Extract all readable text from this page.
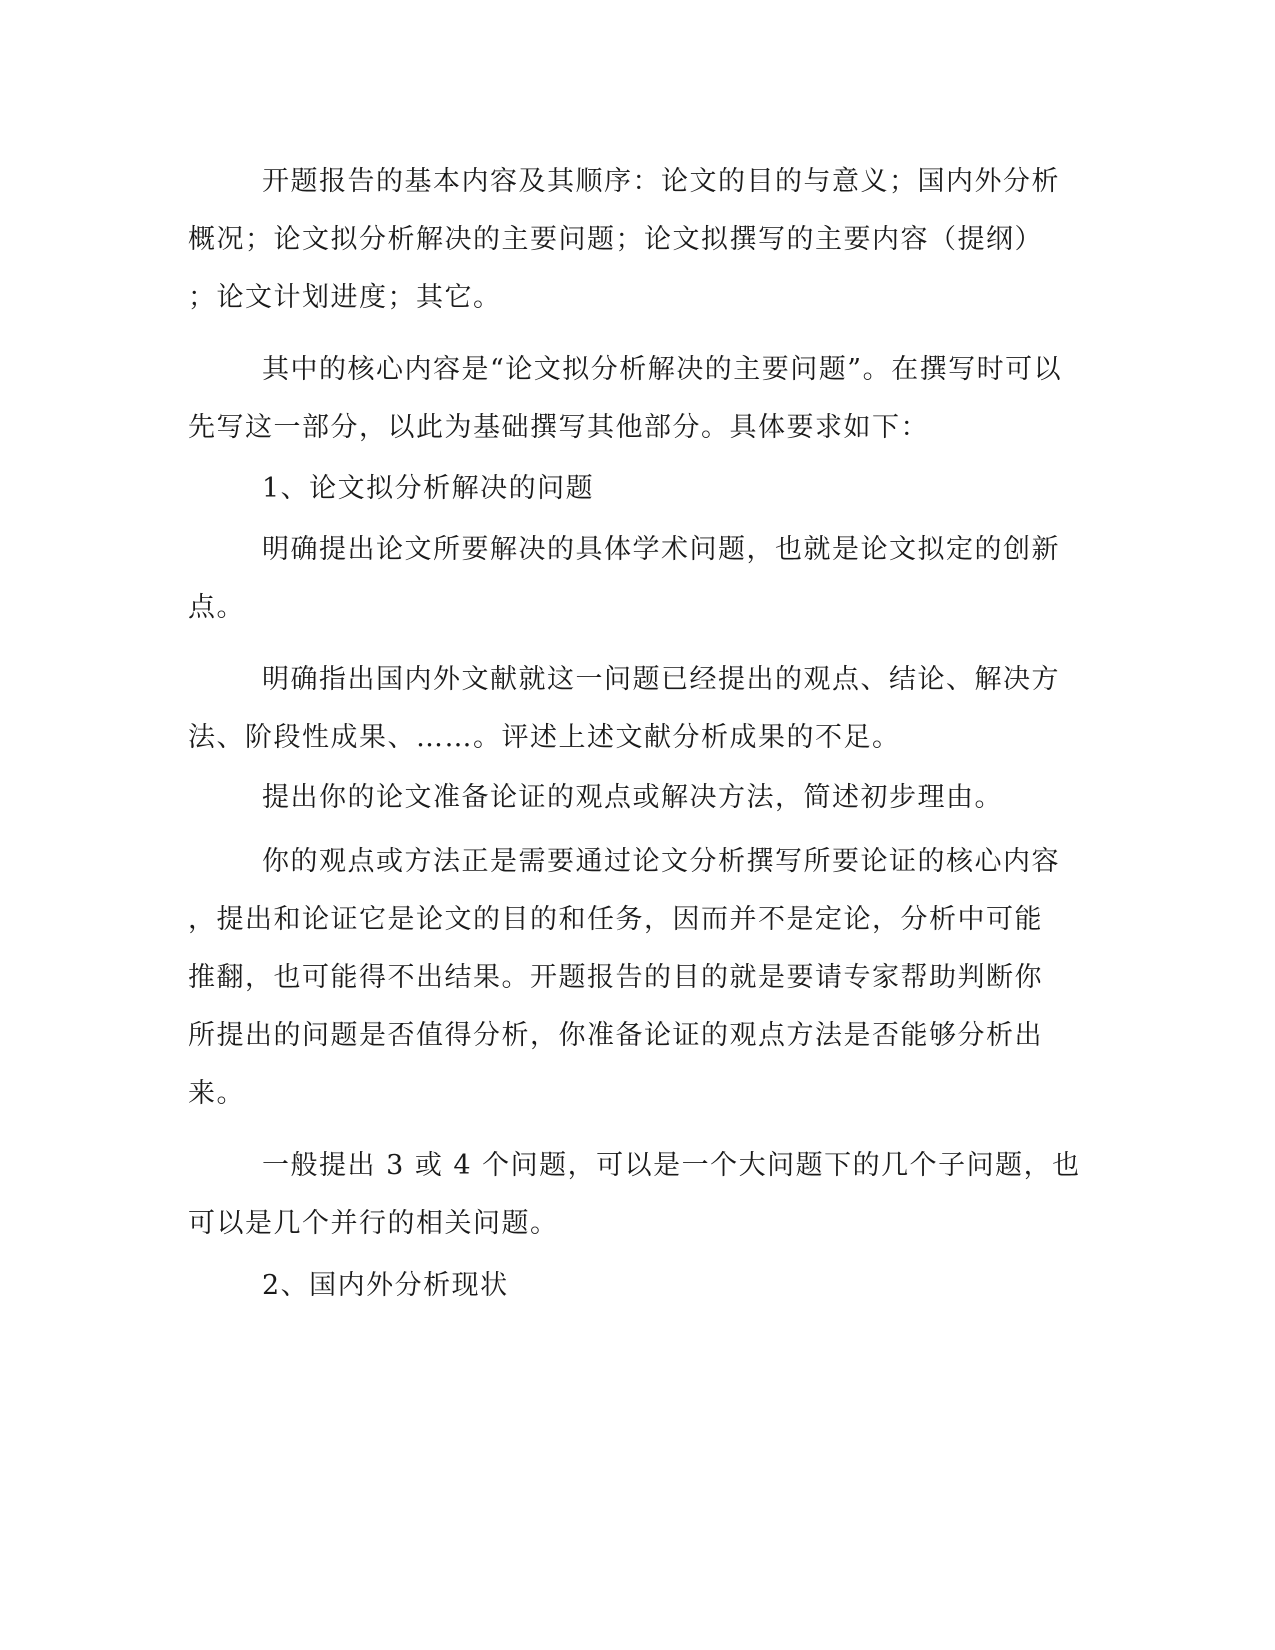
开题报告的基本内容及其顺序：论文的目的与意义；国内外分析
概况；论文拟分析解决的主要问题；论文拟撰写的主要内容（提纲）
；论文计划进度；其它。
其中的核心内容是“论文拟分析解决的主要问题”。在撰写时可以
先写这一部分，以此为基础撰写其他部分。具体要求如下：
1、论文拟分析解决的问题
明确提出论文所要解决的具体学术问题，也就是论文拟定的创新
点。
明确指出国内外文献就这一问题已经提出的观点、结论、解决方
法、阶段性成果、……。评述上述文献分析成果的不足。
提出你的论文准备论证的观点或解决方法，简述初步理由。
你的观点或方法正是需要通过论文分析撰写所要论证的核心内容
，提出和论证它是论文的目的和任务，因而并不是定论，分析中可能
推翻，也可能得不出结果。开题报告的目的就是要请专家帮助判断你
所提出的问题是否值得分析，你准备论证的观点方法是否能够分析出
来。
一般提出 3 或 4 个问题，可以是一个大问题下的几个子问题，也
可以是几个并行的相关问题。
2、国内外分析现状
